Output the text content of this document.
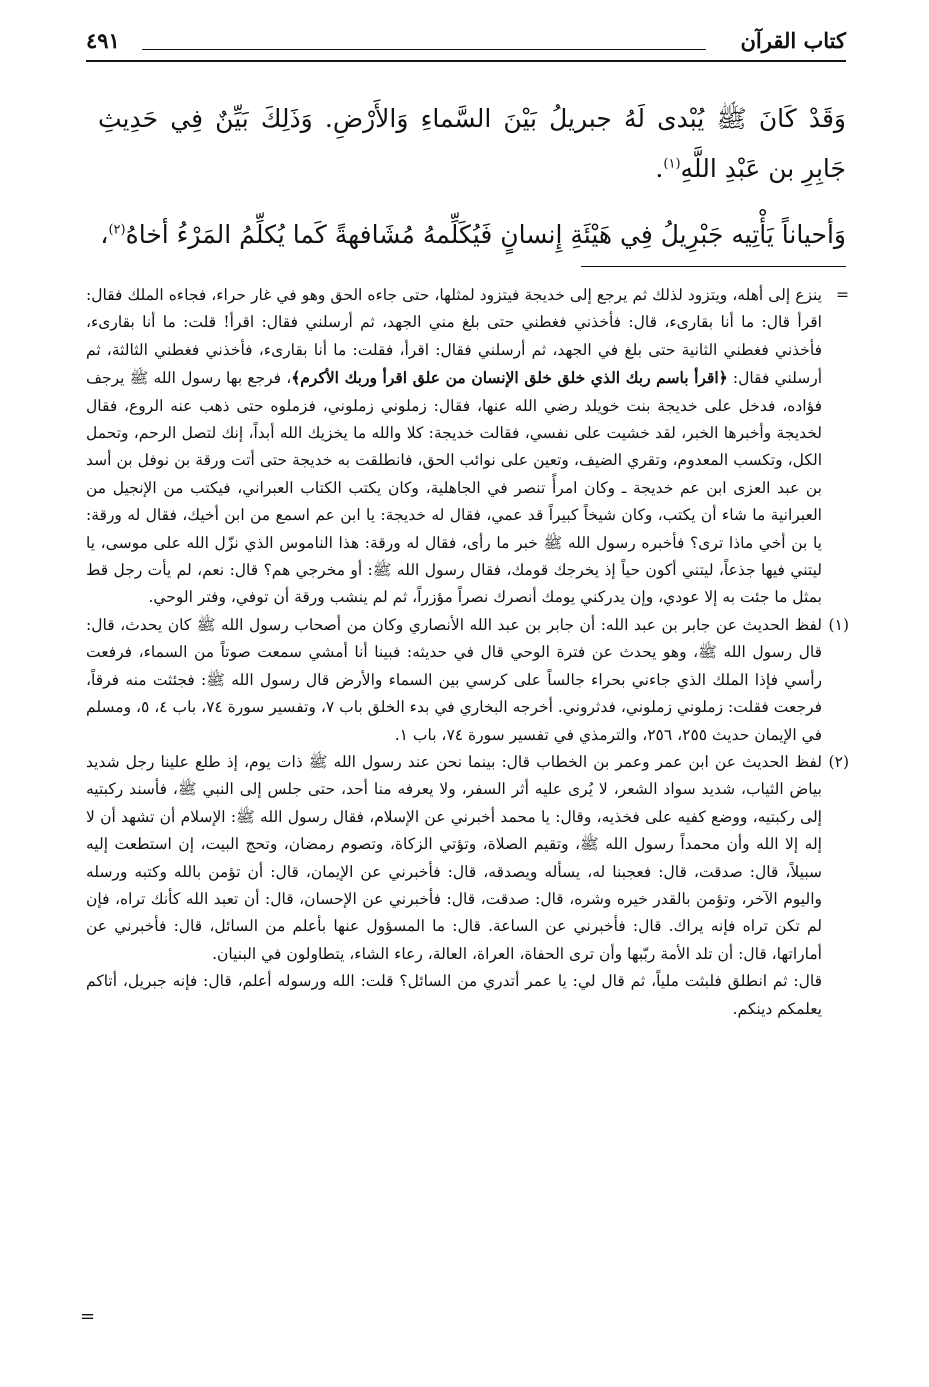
كتاب القرآن
٤٩١

وَقَدْ كَانَ ﷺ يُبْدى لَهُ جبريلُ بَيْنَ السَّماءِ وَالأَرْضِ. وَذَلِكَ بَيِّنٌ فِي حَدِيثِ جَابِرِ بن عَبْدِ اللَّهِ$^{(١)}$.

وَأحياناً يَأْتِيه جَبْرِيلُ فِي هَيْئَةِ إِنسانٍ فَيُكَلِّمهُ مُشَافهةً كَما يُكلِّمُ المَرْءُ أخاهُ$^{(٢)}$،

=
ينزع إلى أهله، ويتزود لذلك ثم يرجع إلى خديجة فيتزود لمثلها، حتى جاءه الحق وهو في غار حراء، فجاءه الملك فقال: اقرأ قال: ما أنا بقارىء، قال: فأخذني فغطني حتى بلغ مني الجهد، ثم أرسلني فقال: اقرأ! قلت: ما أنا بقارىء، فأخذني فغطني الثانية حتى بلغ في الجهد، ثم أرسلني فقال: اقرأ، فقلت: ما أنا بقارىء، فأخذني فغطني الثالثة، ثم أرسلني فقال: ﴿اقرأ باسم ربك الذي خلق خلق الإنسان من علق اقرأ وربك الأكرم﴾، فرجع بها رسول الله ﷺ يرجف فؤاده، فدخل على خديجة بنت خويلد رضي الله عنها، فقال: زملوني زملوني، فزملوه حتى ذهب عنه الروع، فقال لخديجة وأخبرها الخبر، لقد خشيت على نفسي، فقالت خديجة: كلا والله ما يخزيك الله أبداً، إنك لتصل الرحم، وتحمل الكل، وتكسب المعدوم، وتقري الضيف، وتعين على نوائب الحق، فانطلقت به خديجة حتى أتت ورقة بن نوفل بن أسد بن عبد العزى ابن عم خديجة ـ وكان امرأً تنصر في الجاهلية، وكان يكتب الكتاب العبراني، فيكتب من الإنجيل من العبرانية ما شاء أن يكتب، وكان شيخاً كبيراً قد عمي، فقال له خديجة: يا ابن عم اسمع من ابن أخيك، فقال له ورقة: يا بن أخي ماذا ترى؟ فأخبره رسول الله ﷺ خبر ما رأى، فقال له ورقة: هذا الناموس الذي نزّل الله على موسى، يا ليتني فيها جذعاً، ليتني أكون حياً إذ يخرجك قومك، فقال رسول الله ﷺ: أو مخرجي هم؟ قال: نعم، لم يأت رجل قط بمثل ما جئت به إلا عودي، وإن يدركني يومك أنصرك نصراً مؤزراً، ثم لم ينشب ورقة أن توفي، وفتر الوحي.
(١)
لفظ الحديث عن جابر بن عبد الله: أن جابر بن عبد الله الأنصاري وكان من أصحاب رسول الله ﷺ كان يحدث، قال: قال رسول الله ﷺ، وهو يحدث عن فترة الوحي قال في حديثه: فبينا أنا أمشي سمعت صوتاً من السماء، فرفعت رأسي فإذا الملك الذي جاءني بحراء جالساً على كرسي بين السماء والأرض قال رسول الله ﷺ: فجئثت منه فرقاً، فرجعت فقلت: زملوني زملوني، فدثروني. أخرجه البخاري في بدء الخلق باب ٧، وتفسير سورة ٧٤، باب ٤، ٥، ومسلم في الإيمان حديث ٢٥٥، ٢٥٦، والترمذي في تفسير سورة ٧٤، باب ١.
(٢)
لفظ الحديث عن ابن عمر وعمر بن الخطاب قال: بينما نحن عند رسول الله ﷺ ذات يوم، إذ طلع علينا رجل شديد بياض الثياب، شديد سواد الشعر، لا يُرى عليه أثر السفر، ولا يعرفه منا أحد، حتى جلس إلى النبي ﷺ، فأسند ركبتيه إلى ركبتيه، ووضع كفيه على فخذيه، وقال: يا محمد أخبرني عن الإسلام، فقال رسول الله ﷺ: الإسلام أن تشهد أن لا إله إلا الله وأن محمداً رسول الله ﷺ، وتقيم الصلاة، وتؤتي الزكاة، وتصوم رمضان، وتحج البيت، إن استطعت إليه سبيلاً، قال: صدقت، قال: فعجبنا له، يسأله ويصدقه، قال: فأخبرني عن الإيمان، قال: أن تؤمن بالله وكتبه ورسله واليوم الآخر، وتؤمن بالقدر خيره وشره، قال: صدقت، قال: فأخبرني عن الإحسان، قال: أن تعبد الله كأنك تراه، فإن لم تكن تراه فإنه يراك. قال: فأخبرني عن الساعة. قال: ما المسؤول عنها بأعلم من السائل، قال: فأخبرني عن أماراتها، قال: أن تلد الأمة ربّبها وأن ترى الحفاة، العراة، العالة، رعاء الشاء، يتطاولون في البنيان.
قال: ثم انطلق فلبثت ملياً، ثم قال لي: يا عمر أتدري من السائل؟ قلت: الله ورسوله أعلم، قال: فإنه جبريل، أتاكم يعلمكم دينكم.
=
